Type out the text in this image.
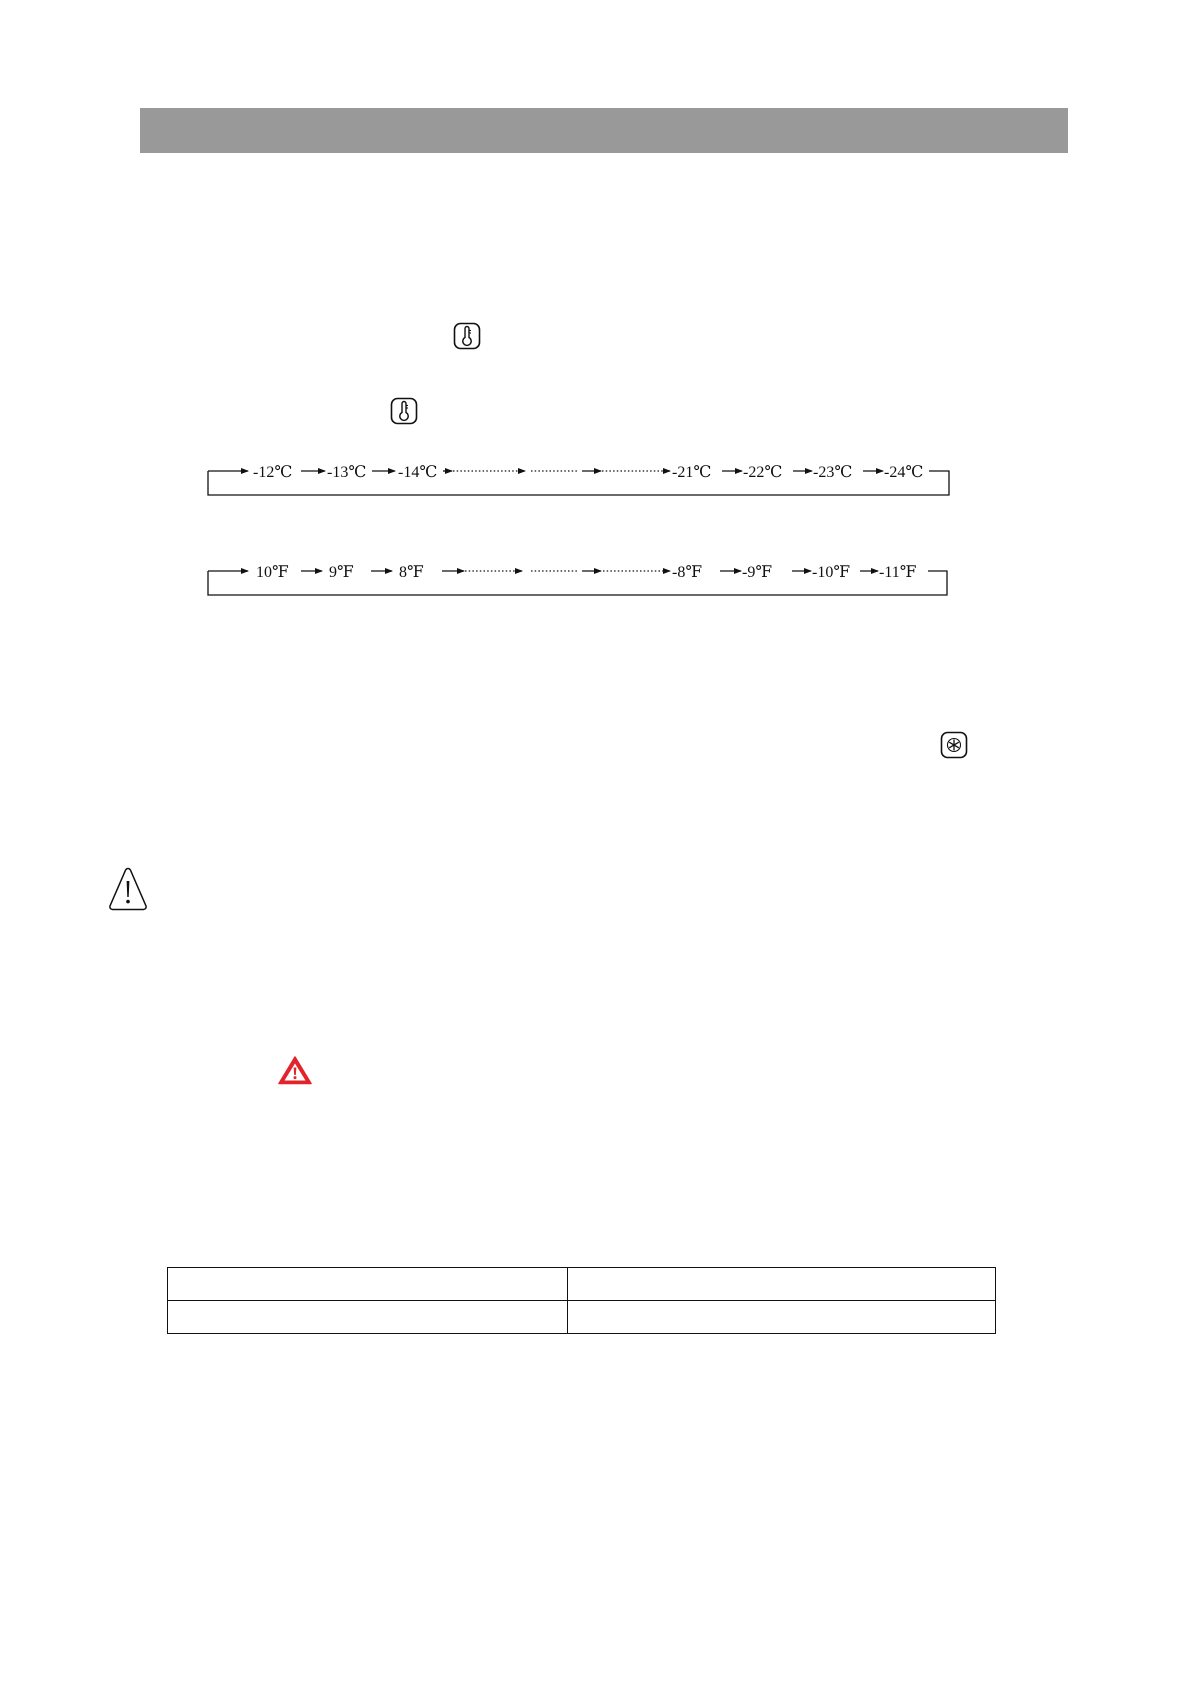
-12℃ -13℃ -14℃	-21℃ -22℃ -23℃ -24℃
10℉	9℉	8℉	-8℉ -9℉ -10℉ -11℉
